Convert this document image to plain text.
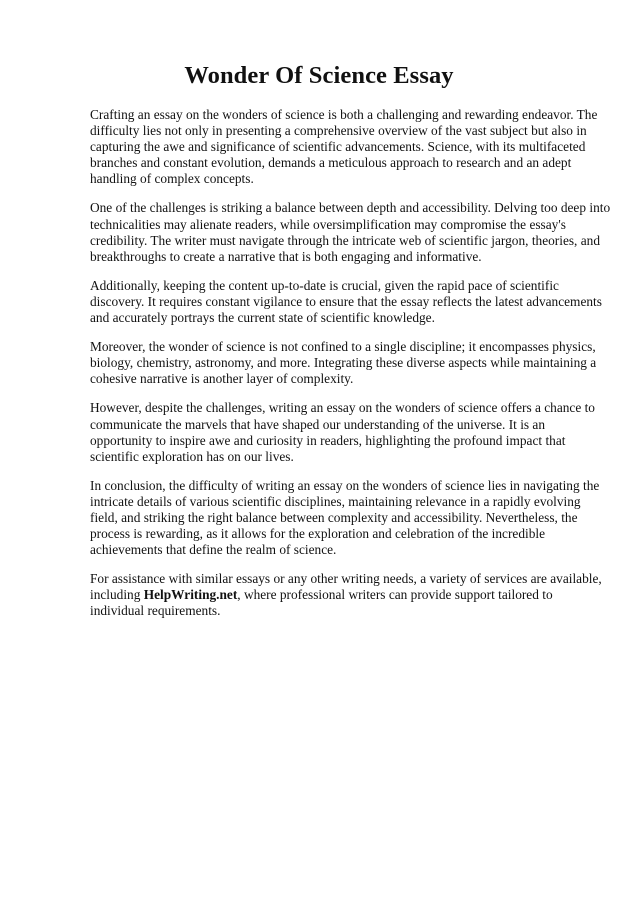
Wonder Of Science Essay

Crafting an essay on the wonders of science is both a challenging and rewarding endeavor. The
difficulty lies not only in presenting a comprehensive overview of the vast subject but also in
capturing the awe and significance of scientific advancements. Science, with its multifaceted
branches and constant evolution, demands a meticulous approach to research and an adept
handling of complex concepts.

One of the challenges is striking a balance between depth and accessibility. Delving too deep into
technicalities may alienate readers, while oversimplification may compromise the essay's
credibility. The writer must navigate through the intricate web of scientific jargon, theories, and
breakthroughs to create a narrative that is both engaging and informative.

Additionally, keeping the content up-to-date is crucial, given the rapid pace of scientific
discovery. It requires constant vigilance to ensure that the essay reflects the latest advancements
and accurately portrays the current state of scientific knowledge.

Moreover, the wonder of science is not confined to a single discipline; it encompasses physics,
biology, chemistry, astronomy, and more. Integrating these diverse aspects while maintaining a
cohesive narrative is another layer of complexity.

However, despite the challenges, writing an essay on the wonders of science offers a chance to
communicate the marvels that have shaped our understanding of the universe. It is an
opportunity to inspire awe and curiosity in readers, highlighting the profound impact that
scientific exploration has on our lives.

In conclusion, the difficulty of writing an essay on the wonders of science lies in navigating the
intricate details of various scientific disciplines, maintaining relevance in a rapidly evolving
field, and striking the right balance between complexity and accessibility. Nevertheless, the
process is rewarding, as it allows for the exploration and celebration of the incredible
achievements that define the realm of science.

For assistance with similar essays or any other writing needs, a variety of services are available,
including HelpWriting.net, where professional writers can provide support tailored to
individual requirements.
